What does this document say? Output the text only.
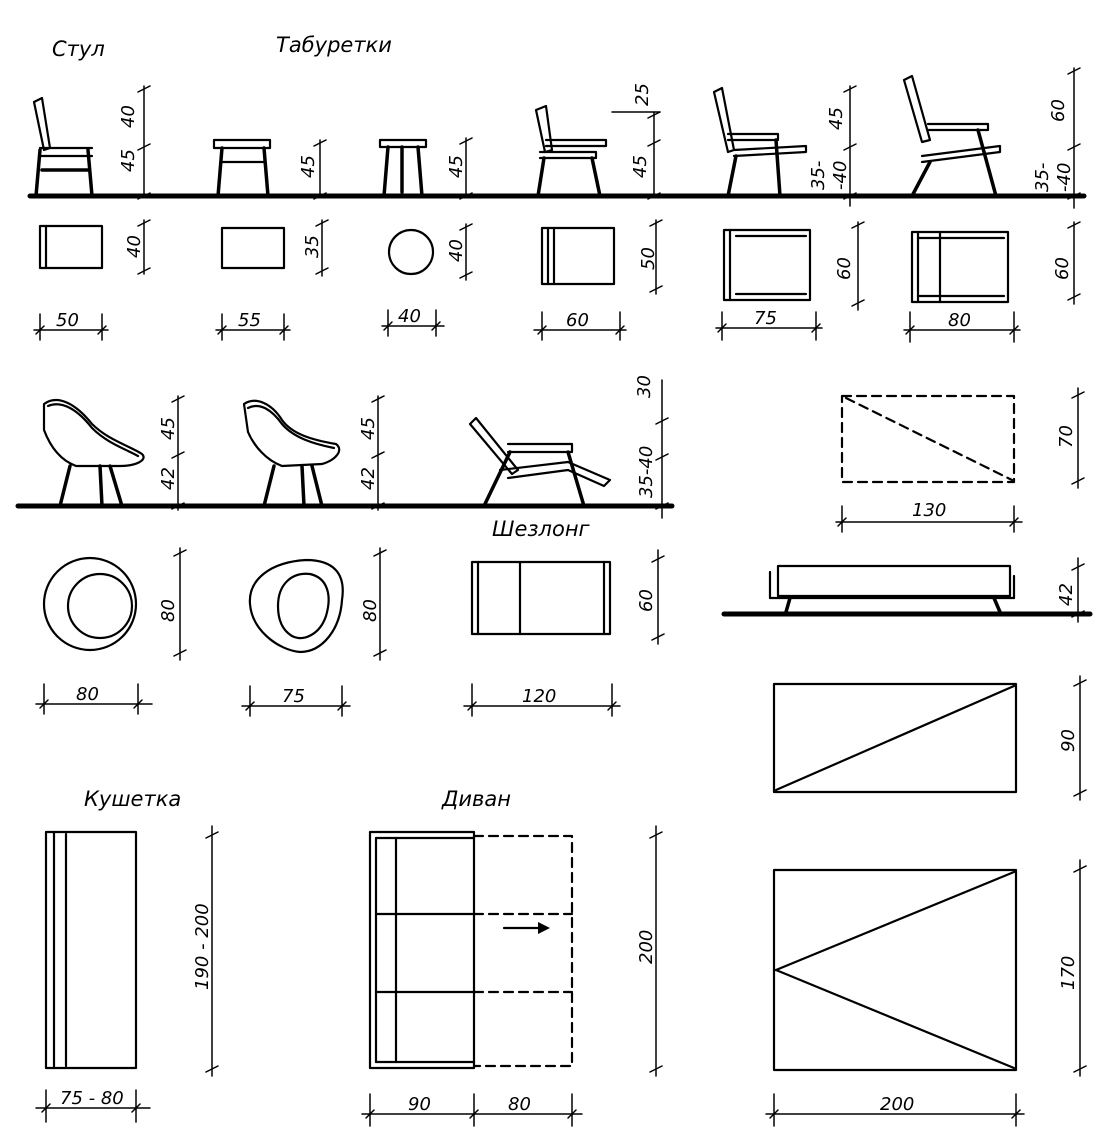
Стул	Табуретки
Шезлонг
Кушетка	Диван
45
40
45	45
25
45
45
35- -40
60
35- -40
40
50
35
55
40
40
50
60
60
75
60
80
45
42
45
42
30
35-40
70
130
80
80
80
75
60
120
42
90
190 - 200
75 - 80
200
90	80
170
200
